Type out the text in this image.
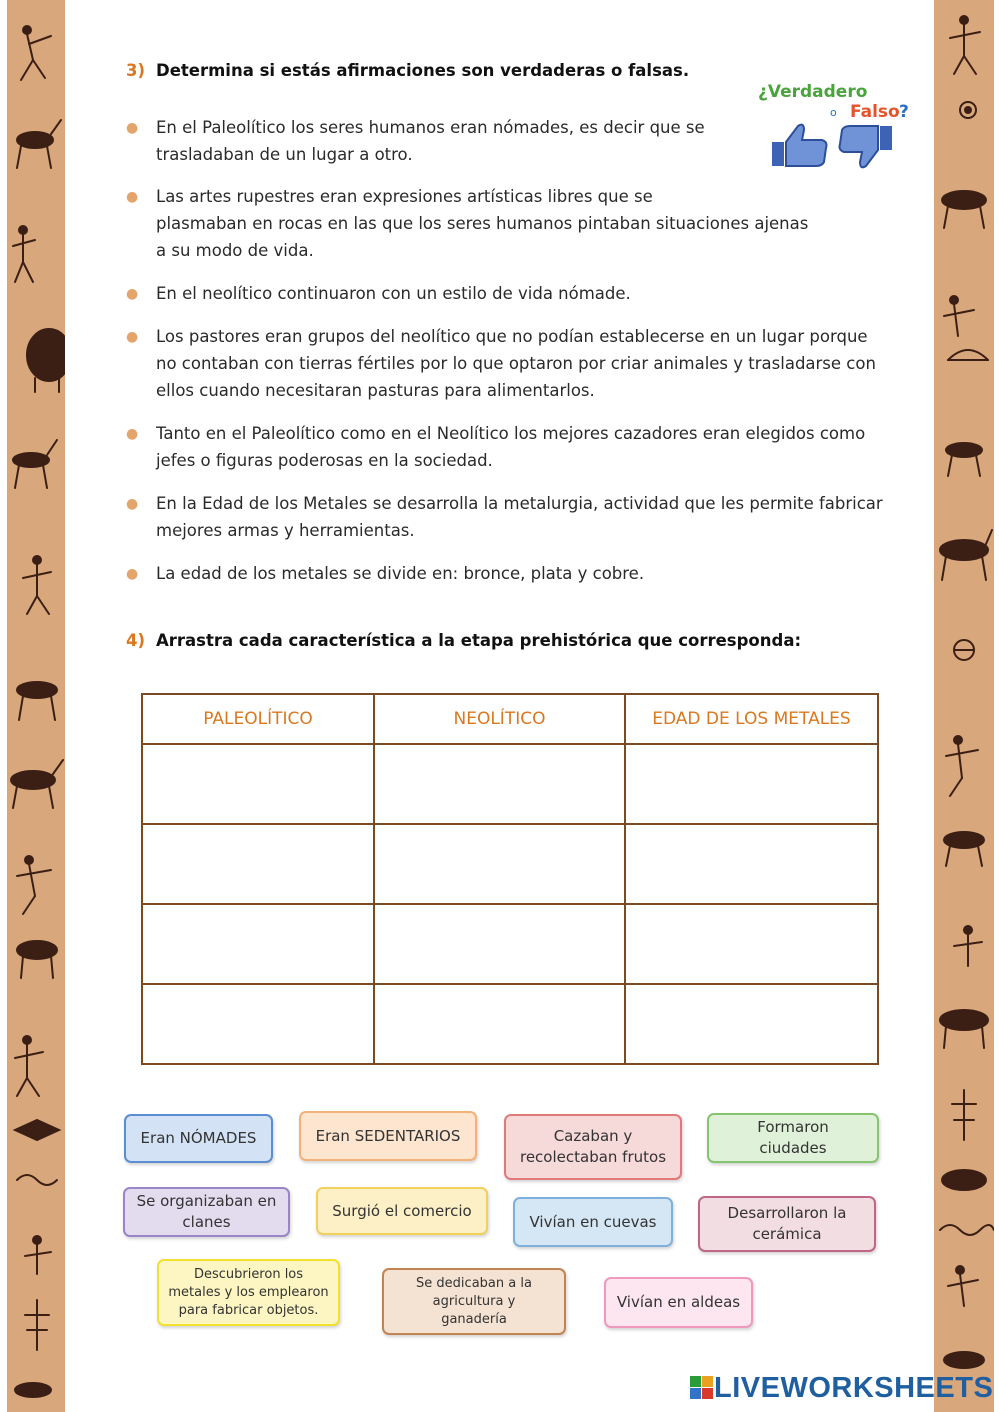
3) Determina si estás afirmaciones son verdaderas o falsas.
¿Verdadero
o Falso ?
● En el Paleolítico los seres humanos eran nómades, es decir que se
trasladaban de un lugar a otro.
● Las artes rupestres eran expresiones artísticas libres que se
plasmaban en rocas en las que los seres humanos pintaban situaciones ajenas
a su modo de vida.
● En el neolítico continuaron con un estilo de vida nómade.
● Los pastores eran grupos del neolítico que no podían establecerse en un lugar porque
no contaban con tierras fértiles por lo que optaron por criar animales y trasladarse con
ellos cuando necesitaran pasturas para alimentarlos.
● Tanto en el Paleolítico como en el Neolítico los mejores cazadores eran elegidos como
jefes o figuras poderosas en la sociedad.
● En la Edad de los Metales se desarrolla la metalurgia, actividad que les permite fabricar
mejores armas y herramientas.
● La edad de los metales se divide en: bronce, plata y cobre.
4) Arrastra cada característica a la etapa prehistórica que corresponda:
PALEOLÍTICO	NEOLÍTICO	EDAD DE LOS METALES

Eran NÓMADES	Eran SEDENTARIOS	Cazaban y
recolectaban frutos
Formaron
ciudades
Se organizaban en
clanes
Surgió el comercio
Vivían en cuevas	Desarrollaron la
cerámica
Descubrieron los
metales y los emplearon
para fabricar objetos.
Se dedicaban a la
agricultura y
ganadería
Vivían en aldeas
LIVEWORKSHEETS
